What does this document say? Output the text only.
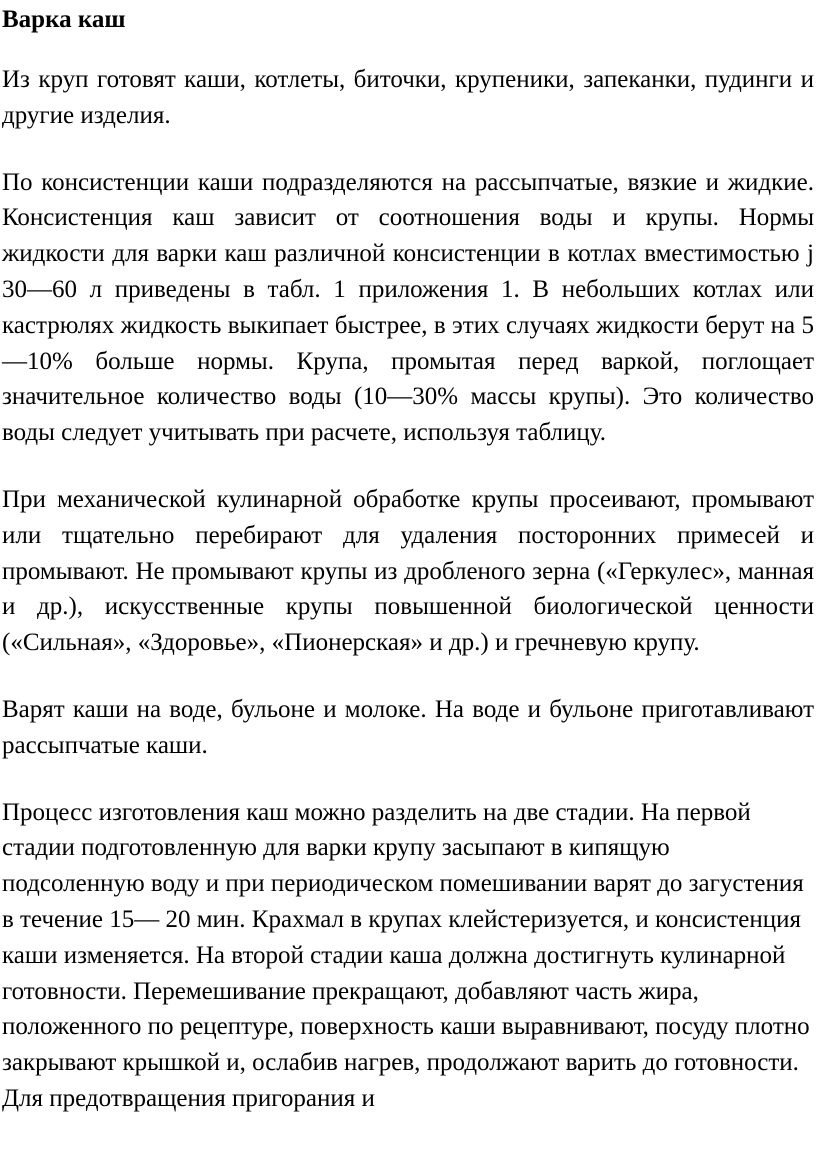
Варка каш

Из круп готовят каши, котлеты, биточки, крупеники, запеканки, пудинги и другие изделия.

По консистенции каши подразделяются на рассыпчатые, вязкие и жидкие. Консистенция каш зависит от соотношения воды и крупы. Нормы жидкости для варки каш различной консистенции в котлах вместимостью j 30—60 л приведены в табл. 1 приложения 1. В небольших котлах или кастрюлях жидкость выкипает быстрее, в этих случаях жидкости берут на 5—10% больше нормы. Крупа, промытая перед варкой, поглощает значительное количество воды (10—30% массы крупы). Это количество воды следует учитывать при расчете, используя таблицу.

При механической кулинарной обработке крупы просеивают, промывают или тщательно перебирают для удаления посторонних примесей и промывают. Не промывают крупы из дробленого зерна («Геркулес», манная и др.), искусственные крупы повышенной биологической ценности («Сильная», «Здоровье», «Пионерская» и др.) и гречневую крупу.

Варят каши на воде, бульоне и молоке. На воде и бульоне приготавливают рассыпчатые каши.

Процесс изготовления каш можно разделить на две стадии. На первой стадии подготовленную для варки крупу засыпают в кипящую подсоленную воду и при периодическом помешивании варят до загустения в течение 15— 20 мин. Крахмал в крупах клейстеризуется, и консистенция каши изменяется. На второй стадии каша должна достигнуть кулинарной готовности. Перемешивание прекращают, добавляют часть жира, положенного по рецептуре, поверхность каши выравнивают, посуду плотно закрывают крышкой и, ослабив нагрев, продолжают варить до готовности. Для предотвращения пригорания и
